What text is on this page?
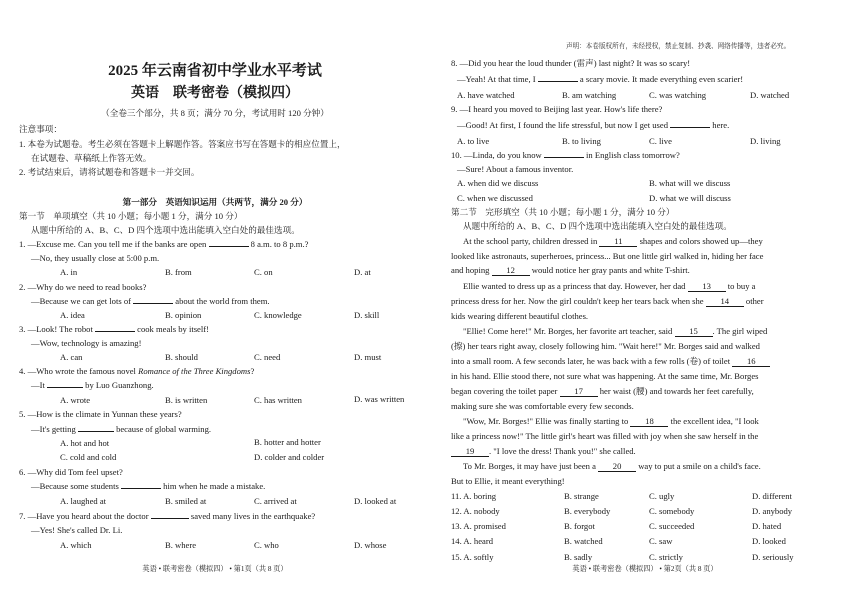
声明：本卷版权所有，未经授权，禁止复制、抄袭、网络传播等，违者必究。
2025 年云南省初中学业水平考试
英语　联考密卷（模拟四）
（全卷三个部分，共 8 页；满分 70 分，考试用时 120 分钟）
注意事项：
1. 本卷为试题卷。考生必须在答题卡上解题作答。答案应书写在答题卡的相应位置上，
在试题卷、草稿纸上作答无效。
2. 考试结束后，请将试题卷和答题卡一并交回。
第一部分　英语知识运用（共两节，满分 20 分）
第一节　单项填空（共 10 小题；每小题 1 分，满分 10 分）
从题中所给的 A、B、C、D 四个选项中选出能填入空白处的最佳选项。
1. —Excuse me. Can you tell me if the banks are open	8 a.m. to 8 p.m.?
—No, they usually close at 5:00 p.m.
A. in	B. from	C. on	D. at
2. —Why do we need to read books?
—Because we can get lots of	about the world from them.
A. idea	B. opinion	C. knowledge	D. skill
3. —Look! The robot	cook meals by itself!
—Wow, technology is amazing!
A. can	B. should	C. need	D. must
4. —Who wrote the famous novel Romance of the Three Kingdoms?
—It	by Luo Guanzhong.
A. wrote	B. is written	C. has written	D. was written
5. —How is the climate in Yunnan these years?
—It's getting	because of global warming.
A. hot and hot	B. hotter and hotter
C. cold and cold	D. colder and colder
6. —Why did Tom feel upset?
—Because some students	him when he made a mistake.
A. laughed at	B. smiled at	C. arrived at	D. looked at
7. —Have you heard about the doctor	saved many lives in the earthquake?
—Yes! She's called Dr. Li.
A. which	B. where	C. who	D. whose
英语 • 联考密卷（模拟四） • 第1页（共 8 页）
8. —Did you hear the loud thunder (雷声) last night? It was so scary!
—Yeah! At that time, I	a scary movie. It made everything even scarier!
A. have watched	B. am watching	C. was watching	D. watched
9. —I heard you moved to Beijing last year. How's life there?
—Good! At first, I found the life stressful, but now I get used	here.
A. to live	B. to living	C. live	D. living
10. —Linda, do you know	in English class tomorrow?
—Sure! About a famous inventor.
A. when did we discuss	B. what will we discuss
C. when we discussed	D. what we will discuss
第二节　完形填空（共 10 小题；每小题 1 分，满分 10 分）
从题中所给的 A、B、C、D 四个选项中选出能填入空白处的最佳选项。
At the school party, children dressed in 11 shapes and colors showed up—they
looked like astronauts, superheroes, princess... But one little girl walked in, hiding her face
and hoping 12 would notice her gray pants and white T-shirt.
Ellie wanted to dress up as a princess that day. However, her dad 13 to buy a
princess dress for her. Now the girl couldn't keep her tears back when she 14 other
kids wearing different beautiful clothes.
"Ellie! Come here!" Mr. Borges, her favorite art teacher, said 15 . The girl wiped
(擦) her tears right away, closely following him. "Wait here!" Mr. Borges said and walked
into a small room. A few seconds later, he was back with a few rolls (卷) of toilet 16
in his hand. Ellie stood there, not sure what was happening. At the same time, Mr. Borges
began covering the toilet paper 17 her waist (腰) and towards her feet carefully,
making sure she was comfortable every few seconds.
"Wow, Mr. Borges!" Ellie was finally starting to 18 the excellent idea, "I look
like a princess now!" The little girl's heart was filled with joy when she saw herself in the
19 . "I love the dress! Thank you!" she called.
To Mr. Borges, it may have just been a 20 way to put a smile on a child's face.
But to Ellie, it meant everything!
11. A. boring	B. strange	C. ugly	D. different
12. A. nobody	B. everybody	C. somebody	D. anybody
13. A. promised	B. forgot	C. succeeded	D. hated
14. A. heard	B. watched	C. saw	D. looked
15. A. softly	B. sadly	C. strictly	D. seriously
英语 • 联考密卷（模拟四） • 第2页（共 8 页）
